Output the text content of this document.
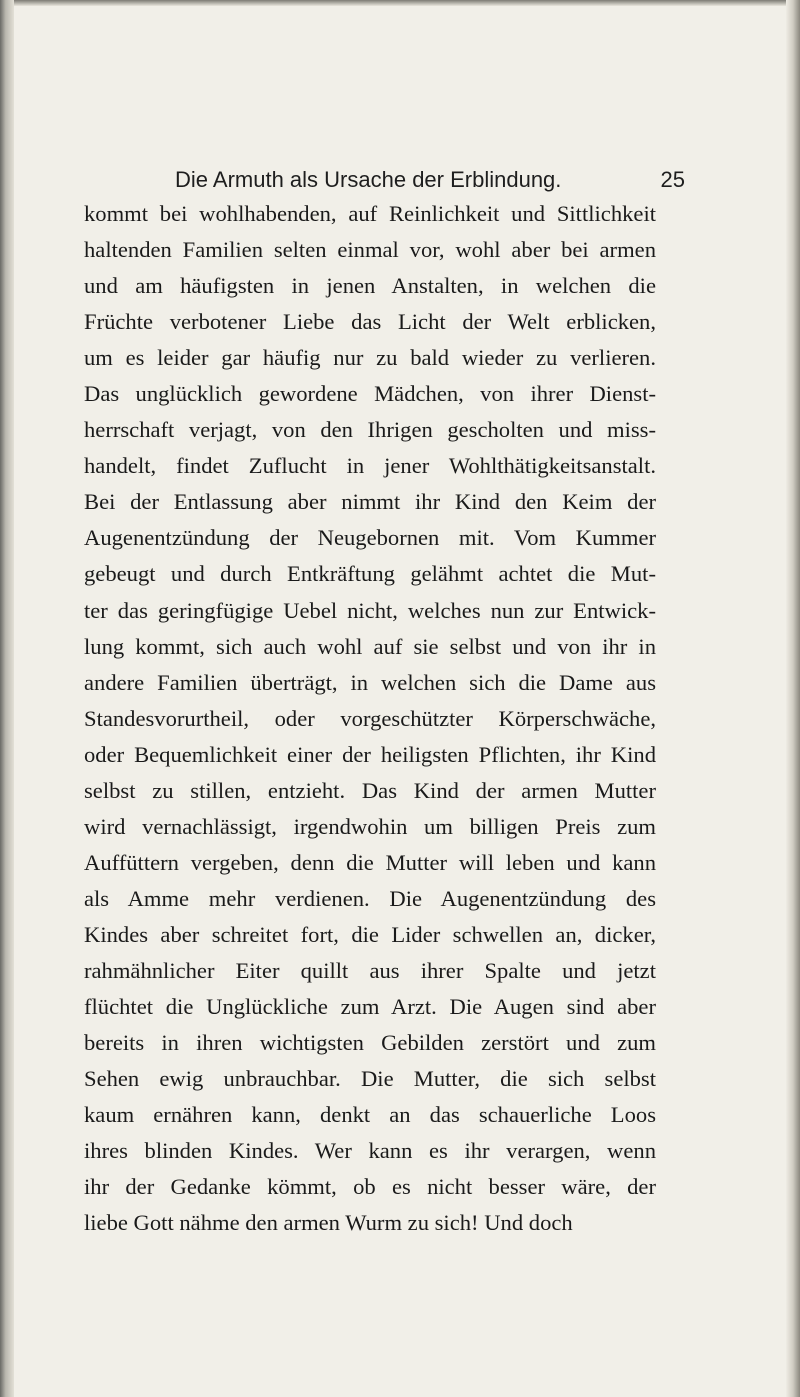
Die Armuth als Ursache der Erblindung.	25
kommt bei wohlhabenden, auf Reinlichkeit und Sittlichkeit
haltenden Familien selten einmal vor, wohl aber bei armen
und am häufigsten in jenen Anstalten, in welchen die
Früchte verbotener Liebe das Licht der Welt erblicken,
um es leider gar häufig nur zu bald wieder zu verlieren.
Das unglücklich gewordene Mädchen, von ihrer Dienst-
herrschaft verjagt, von den Ihrigen gescholten und miss-
handelt, findet Zuflucht in jener Wohlthätigkeitsanstalt.
Bei der Entlassung aber nimmt ihr Kind den Keim der
Augenentzündung der Neugebornen mit. Vom Kummer
gebeugt und durch Entkräftung gelähmt achtet die Mut-
ter das geringfügige Uebel nicht, welches nun zur Entwick-
lung kommt, sich auch wohl auf sie selbst und von ihr in
andere Familien überträgt, in welchen sich die Dame aus
Standesvorurtheil, oder vorgeschützter Körperschwäche,
oder Bequemlichkeit einer der heiligsten Pflichten, ihr Kind
selbst zu stillen, entzieht. Das Kind der armen Mutter
wird vernachlässigt, irgendwohin um billigen Preis zum
Auffüttern vergeben, denn die Mutter will leben und kann
als Amme mehr verdienen. Die Augenentzündung des
Kindes aber schreitet fort, die Lider schwellen an, dicker,
rahmähnlicher Eiter quillt aus ihrer Spalte und jetzt
flüchtet die Unglückliche zum Arzt. Die Augen sind aber
bereits in ihren wichtigsten Gebilden zerstört und zum
Sehen ewig unbrauchbar. Die Mutter, die sich selbst
kaum ernähren kann, denkt an das schauerliche Loos
ihres blinden Kindes. Wer kann es ihr verargen, wenn
ihr der Gedanke kömmt, ob es nicht besser wäre, der
liebe Gott nähme den armen Wurm zu sich! Und doch
